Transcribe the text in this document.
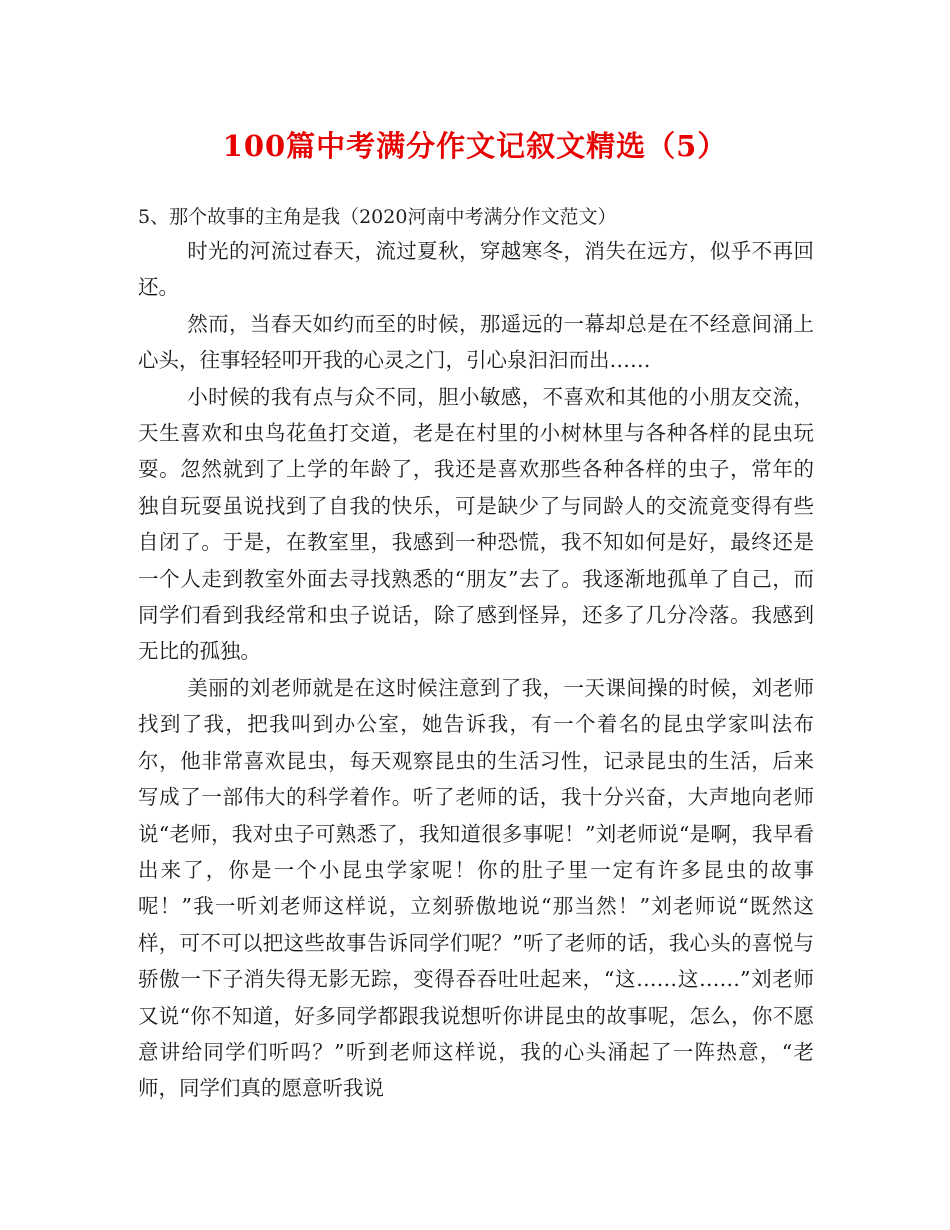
100篇中考满分作文记叙文精选（5）
5、那个故事的主角是我（2020河南中考满分作文范文）

时光的河流过春天，流过夏秋，穿越寒冬，消失在远方，似乎不再回还。

然而，当春天如约而至的时候，那遥远的一幕却总是在不经意间涌上心头，往事轻轻叩开我的心灵之门，引心泉汩汩而出……

小时候的我有点与众不同，胆小敏感，不喜欢和其他的小朋友交流，天生喜欢和虫鸟花鱼打交道，老是在村里的小树林里与各种各样的昆虫玩耍。忽然就到了上学的年龄了，我还是喜欢那些各种各样的虫子，常年的独自玩耍虽说找到了自我的快乐，可是缺少了与同龄人的交流竟变得有些自闭了。于是，在教室里，我感到一种恐慌，我不知如何是好，最终还是一个人走到教室外面去寻找熟悉的“朋友”去了。我逐渐地孤单了自己，而同学们看到我经常和虫子说话，除了感到怪异，还多了几分冷落。我感到无比的孤独。

美丽的刘老师就是在这时候注意到了我，一天课间操的时候，刘老师找到了我，把我叫到办公室，她告诉我，有一个着名的昆虫学家叫法布尔，他非常喜欢昆虫，每天观察昆虫的生活习性，记录昆虫的生活，后来写成了一部伟大的科学着作。听了老师的话，我十分兴奋，大声地向老师说“老师，我对虫子可熟悉了，我知道很多事呢！”刘老师说“是啊，我早看出来了，你是一个小昆虫学家呢！你的肚子里一定有许多昆虫的故事呢！”我一听刘老师这样说，立刻骄傲地说“那当然！”刘老师说“既然这样，可不可以把这些故事告诉同学们呢？”听了老师的话，我心头的喜悦与骄傲一下子消失得无影无踪，变得吞吞吐吐起来，“这……这……”刘老师又说“你不知道，好多同学都跟我说想听你讲昆虫的故事呢，怎么，你不愿意讲给同学们听吗？”听到老师这样说，我的心头涌起了一阵热意，“老师，同学们真的愿意听我说
